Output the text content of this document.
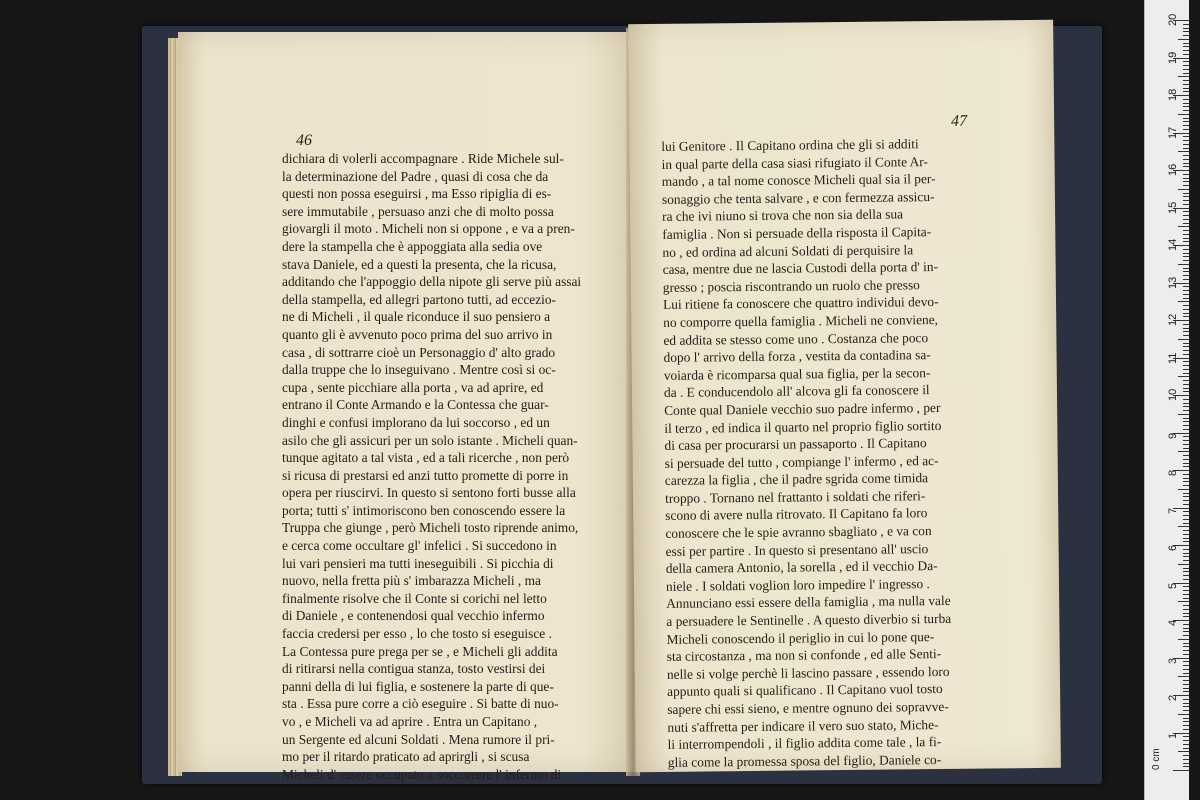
46
dichiara di volerli accompagnare . Ride Michele sul-
la determinazione del Padre , quasi di cosa che da
questi non possa eseguirsi , ma Esso ripiglia di es-
sere immutabile , persuaso anzi che di molto possa
giovargli il moto . Micheli non si oppone , e va a pren-
dere la stampella che è appoggiata alla sedia ove
stava Daniele, ed a questi la presenta, che la ricusa,
additando che l'appoggio della nipote gli serve più assai
della stampella, ed allegri partono tutti, ad eccezio-
ne di Micheli , il quale riconduce il suo pensiero a
quanto gli è avvenuto poco prima del suo arrivo in
casa , di sottrarre cioè un Personaggio d' alto grado
dalla truppe che lo inseguivano . Mentre così si oc-
cupa , sente picchiare alla porta , va ad aprire, ed
entrano il Conte Armando e la Contessa che guar-
dinghi e confusi implorano da lui soccorso , ed un
asilo che gli assicuri per un solo istante . Micheli quan-
tunque agitato a tal vista , ed a tali ricerche , non però
si ricusa di prestarsi ed anzi tutto promette di porre in
opera per riuscirvi. In questo si sentono forti busse alla
porta; tutti s' intimoriscono ben conoscendo essere la
Truppa che giunge , però Micheli tosto riprende animo,
e cerca come occultare gl' infelici . Si succedono in
lui vari pensieri ma tutti ineseguibili . Si picchia di
nuovo, nella fretta più s' imbarazza Micheli , ma
finalmente risolve che il Conte si corichi nel letto
di Daniele , e contenendosi qual vecchio infermo
faccia credersi per esso , lo che tosto si eseguisce .
La Contessa pure prega per se , e Micheli gli addita
di ritirarsi nella contigua stanza, tosto vestirsi dei
panni della di lui figlia, e sostenere la parte di que-
sta . Essa pure corre a ciò eseguire . Si batte di nuo-
vo , e Micheli va ad aprire . Entra un Capitano ,
un Sergente ed alcuni Soldati . Mena rumore il pri-
mo per il ritardo praticato ad aprirgli , si scusa
Micheli d' essere occupato a soccorrere l' infermo di
47
lui Genitore . Il Capitano ordina che gli si additi
in qual parte della casa siasi rifugiato il Conte Ar-
mando , a tal nome conosce Micheli qual sia il per-
sonaggio che tenta salvare , e con fermezza assicu-
ra che ivi niuno si trova che non sia della sua
famiglia . Non si persuade della risposta il Capita-
no , ed ordina ad alcuni Soldati di perquisire la
casa, mentre due ne lascia Custodi della porta d' in-
gresso ; poscia riscontrando un ruolo che presso
Lui ritiene fa conoscere che quattro individui devo-
no comporre quella famiglia . Micheli ne conviene,
ed addita se stesso come uno . Costanza che poco
dopo l' arrivo della forza , vestita da contadina sa-
voiarda è ricomparsa qual sua figlia, per la secon-
da . E conducendolo all' alcova gli fa conoscere il
Conte qual Daniele vecchio suo padre infermo , per
il terzo , ed indica il quarto nel proprio figlio sortito
di casa per procurarsi un passaporto . Il Capitano
si persuade del tutto , compiange l' infermo , ed ac-
carezza la figlia , che il padre sgrida come timida
troppo . Tornano nel frattanto i soldati che riferi-
scono di avere nulla ritrovato. Il Capitano fa loro
conoscere che le spie avranno sbagliato , e va con
essi per partire . In questo si presentano all' uscio
della camera Antonio, la sorella , ed il vecchio Da-
niele . I soldati voglion loro impedire l' ingresso .
Annunciano essi essere della famiglia , ma nulla vale
a persuadere le Sentinelle . A questo diverbio si turba
Micheli conoscendo il periglio in cui lo pone que-
sta circostanza , ma non si confonde , ed alle Senti-
nelle si volge perchè li lascino passare , essendo loro
appunto quali si qualificano . Il Capitano vuol tosto
sapere chi essi sieno, e mentre ognuno dei sopravve-
nuti s'affretta per indicare il vero suo stato, Miche-
li interrompendoli , il figlio addita come tale , la fi-
glia come la promessa sposa del figlio, Daniele co-	0 cm
1
2
3
4
5
6
7
8
9
10
11
12
13
14
15
16
17
18
19
20
